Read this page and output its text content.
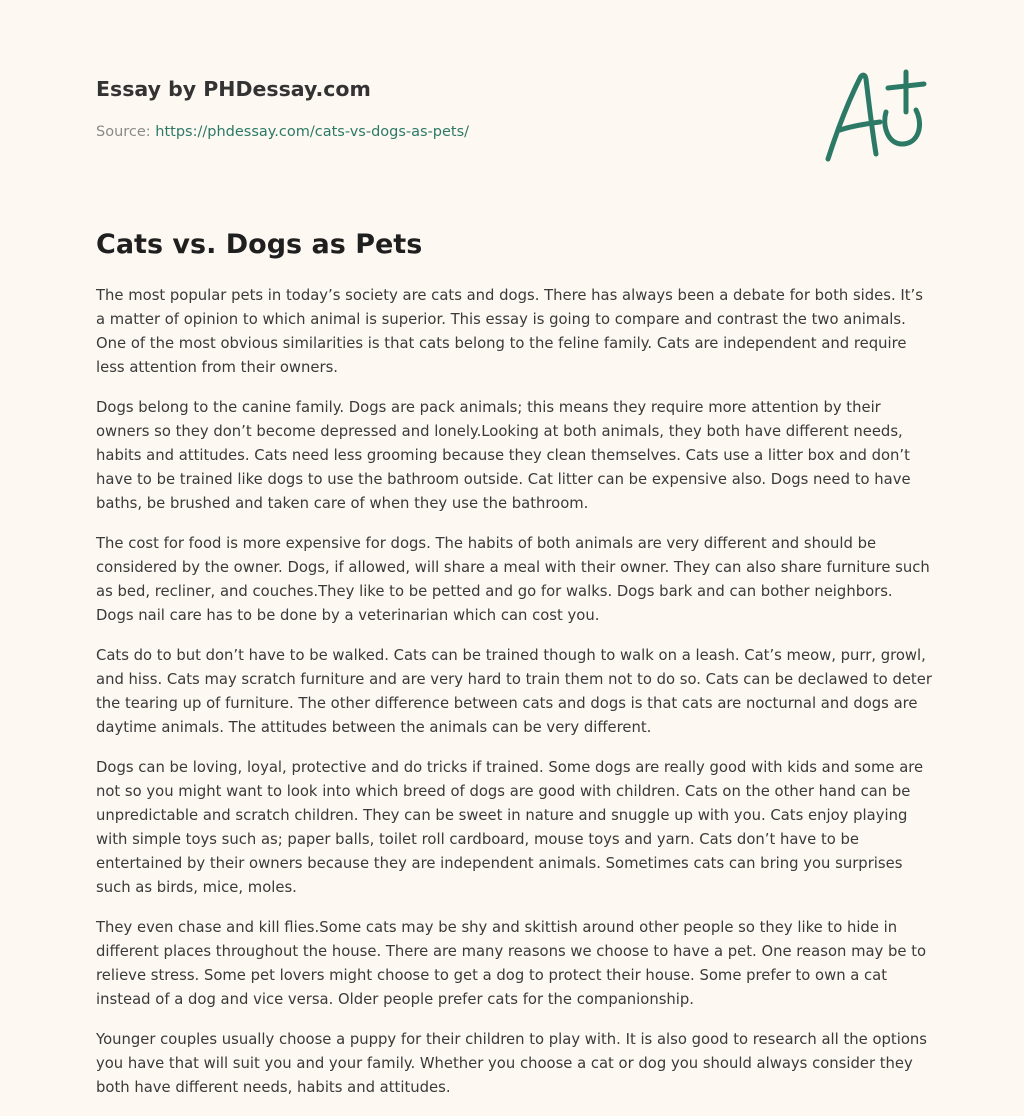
Essay by PHDessay.com
Source: https://phdessay.com/cats-vs-dogs-as-pets/
Cats vs. Dogs as Pets

The most popular pets in today’s society are cats and dogs. There has always been a debate for both sides. It’s a matter of opinion to which animal is superior. This essay is going to compare and contrast the two animals. One of the most obvious similarities is that cats belong to the feline family. Cats are independent and require less attention from their owners.

Dogs belong to the canine family. Dogs are pack animals; this means they require more attention by their owners so they don’t become depressed and lonely.Looking at both animals, they both have different needs, habits and attitudes. Cats need less grooming because they clean themselves. Cats use a litter box and don’t have to be trained like dogs to use the bathroom outside. Cat litter can be expensive also. Dogs need to have baths, be brushed and taken care of when they use the bathroom.

The cost for food is more expensive for dogs. The habits of both animals are very different and should be considered by the owner. Dogs, if allowed, will share a meal with their owner. They can also share furniture such as bed, recliner, and couches.They like to be petted and go for walks. Dogs bark and can bother neighbors. Dogs nail care has to be done by a veterinarian which can cost you.

Cats do to but don’t have to be walked. Cats can be trained though to walk on a leash. Cat’s meow, purr, growl, and hiss. Cats may scratch furniture and are very hard to train them not to do so. Cats can be declawed to deter the tearing up of furniture. The other difference between cats and dogs is that cats are nocturnal and dogs are daytime animals. The attitudes between the animals can be very different.

Dogs can be loving, loyal, protective and do tricks if trained. Some dogs are really good with kids and some are not so you might want to look into which breed of dogs are good with children. Cats on the other hand can be unpredictable and scratch children. They can be sweet in nature and snuggle up with you. Cats enjoy playing with simple toys such as; paper balls, toilet roll cardboard, mouse toys and yarn. Cats don’t have to be entertained by their owners because they are independent animals. Sometimes cats can bring you surprises such as birds, mice, moles.

They even chase and kill flies.Some cats may be shy and skittish around other people so they like to hide in different places throughout the house. There are many reasons we choose to have a pet. One reason may be to relieve stress. Some pet lovers might choose to get a dog to protect their house. Some prefer to own a cat instead of a dog and vice versa. Older people prefer cats for the companionship.

Younger couples usually choose a puppy for their children to play with. It is also good to research all the options you have that will suit you and your family. Whether you choose a cat or dog you should always consider they both have different needs, habits and attitudes.
